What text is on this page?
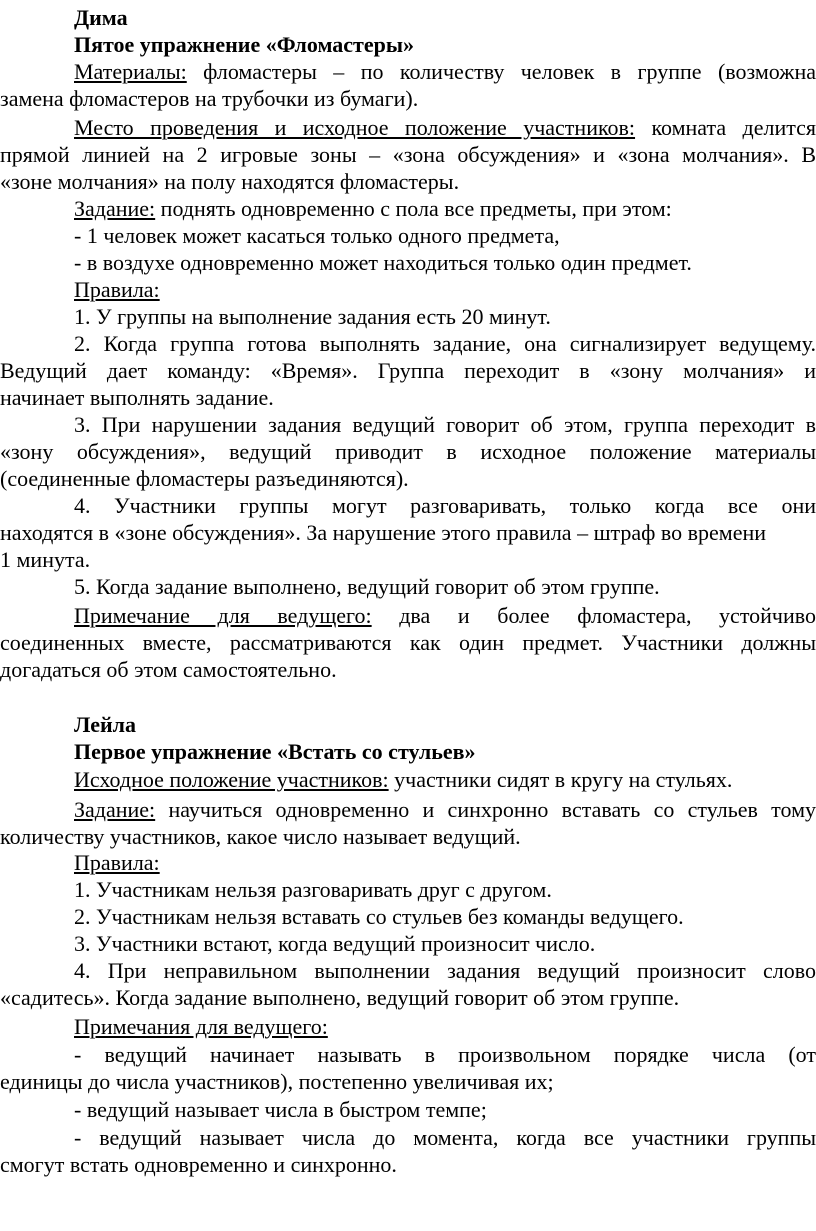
Дима
Пятое упражнение «Фломастеры»
Материалы: фломастеры – по количеству человек в группе (возможна
замена фломастеров на трубочки из бумаги).
Место проведения и исходное положение участников: комната делится
прямой линией на 2 игровые зоны – «зона обсуждения» и «зона молчания». В
«зоне молчания» на полу находятся фломастеры.
Задание: поднять одновременно с пола все предметы, при этом:
- 1 человек может касаться только одного предмета,
- в воздухе одновременно может находиться только один предмет.
Правила:
1. У группы на выполнение задания есть 20 минут.
2. Когда группа готова выполнять задание, она сигнализирует ведущему.
Ведущий дает команду: «Время». Группа переходит в «зону молчания» и
начинает выполнять задание.
3. При нарушении задания ведущий говорит об этом, группа переходит в
«зону обсуждения», ведущий приводит в исходное положение материалы
(соединенные фломастеры разъединяются).
4. Участники группы могут разговаривать, только когда все они
находятся в «зоне обсуждения». За нарушение этого правила – штраф во времени
1 минута.
5. Когда задание выполнено, ведущий говорит об этом группе.
Примечание для ведущего: два и более фломастера, устойчиво
соединенных вместе, рассматриваются как один предмет. Участники должны
догадаться об этом самостоятельно.
Лейла
Первое упражнение «Встать со стульев»
Исходное положение участников: участники сидят в кругу на стульях.
Задание: научиться одновременно и синхронно вставать со стульев тому
количеству участников, какое число называет ведущий.
Правила:
1. Участникам нельзя разговаривать друг с другом.
2. Участникам нельзя вставать со стульев без команды ведущего.
3. Участники встают, когда ведущий произносит число.
4. При неправильном выполнении задания ведущий произносит слово
«садитесь». Когда задание выполнено, ведущий говорит об этом группе.
Примечания для ведущего:
- ведущий начинает называть в произвольном порядке числа (от
единицы до числа участников), постепенно увеличивая их;
- ведущий называет числа в быстром темпе;
- ведущий называет числа до момента, когда все участники группы
смогут встать одновременно и синхронно.
